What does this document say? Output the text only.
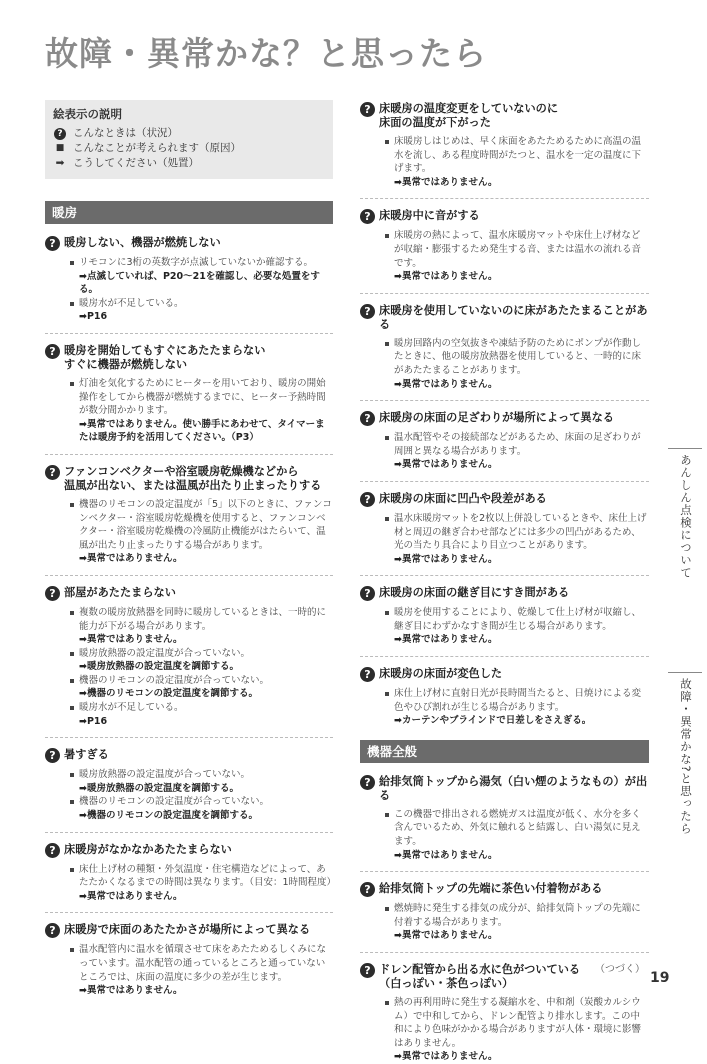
故障・異常かな？と思ったら
絵表示の説明
? こんなときは（状況）
■ こんなことが考えられます（原因）
➡ こうしてください（処置）
暖房
? 暖房しない、機器が燃焼しない
リモコンに3桁の英数字が点滅していないか確認する。
➡点滅していれば、P20〜21を確認し、必要な処置をする。
暖房水が不足している。
➡P16
? 暖房を開始してもすぐにあたたまらない
すぐに機器が燃焼しない
灯油を気化するためにヒーターを用いており、暖房の開始操作をしてから機器が燃焼するまでに、ヒーター予熱時間が数分間かかります。
➡異常ではありません。使い勝手にあわせて、タイマーまたは暖房予約を活用してください。（P3）
? ファンコンベクターや浴室暖房乾燥機などから
温風が出ない、または温風が出たり止まったりする
機器のリモコンの設定温度が「5」以下のときに、ファンコンベクター・浴室暖房乾燥機を使用すると、ファンコンベクター・浴室暖房乾燥機の冷風防止機能がはたらいて、温風が出たり止まったりする場合があります。
➡異常ではありません。
? 部屋があたたまらない
複数の暖房放熱器を同時に暖房しているときは、一時的に能力が下がる場合があります。
➡異常ではありません。
暖房放熱器の設定温度が合っていない。
➡暖房放熱器の設定温度を調節する。
機器のリモコンの設定温度が合っていない。
➡機器のリモコンの設定温度を調節する。
暖房水が不足している。
➡P16
? 暑すぎる
暖房放熱器の設定温度が合っていない。
➡暖房放熱器の設定温度を調節する。
機器のリモコンの設定温度が合っていない。
➡機器のリモコンの設定温度を調節する。
? 床暖房がなかなかあたたまらない
床仕上げ材の種類・外気温度・住宅構造などによって、あたたかくなるまでの時間は異なります。（目安：1時間程度）
➡異常ではありません。
? 床暖房で床面のあたたかさが場所によって異なる
温水配管内に温水を循環させて床をあたためるしくみになっています。温水配管の通っているところと通っていないところでは、床面の温度に多少の差が生じます。
➡異常ではありません。
? 床暖房の温度変更をしていないのに
床面の温度が下がった
床暖房しはじめは、早く床面をあたためるために高温の温水を流し、ある程度時間がたつと、温水を一定の温度に下げます。
➡異常ではありません。
? 床暖房中に音がする
床暖房の熱によって、温水床暖房マットや床仕上げ材などが収縮・膨張するため発生する音、または温水の流れる音です。
➡異常ではありません。
? 床暖房を使用していないのに床があたたまることがある
暖房回路内の空気抜きや凍結予防のためにポンプが作動したときに、他の暖房放熱器を使用していると、一時的に床があたたまることがあります。
➡異常ではありません。
? 床暖房の床面の足ざわりが場所によって異なる
温水配管やその接続部などがあるため、床面の足ざわりが周囲と異なる場合があります。
➡異常ではありません。
? 床暖房の床面に凹凸や段差がある
温水床暖房マットを2枚以上併設しているときや、床仕上げ材と周辺の継ぎ合わせ部などには多少の凹凸があるため、光の当たり具合により目立つことがあります。
➡異常ではありません。
? 床暖房の床面の継ぎ目にすき間がある
暖房を使用することにより、乾燥して仕上げ材が収縮し、継ぎ目にわずかなすき間が生じる場合があります。
➡異常ではありません。
? 床暖房の床面が変色した
床仕上げ材に直射日光が長時間当たると、日焼けによる変色やひび割れが生じる場合があります。
➡カーテンやブラインドで日差しをさえぎる。
機器全般
? 給排気筒トップから湯気（白い煙のようなもの）が出る
この機器で排出される燃焼ガスは温度が低く、水分を多く含んでいるため、外気に触れると結露し、白い湯気に見えます。
➡異常ではありません。
? 給排気筒トップの先端に茶色い付着物がある
燃焼時に発生する排気の成分が、給排気筒トップの先端に付着する場合があります。
➡異常ではありません。
? ドレン配管から出る水に色がついている
（白っぽい・茶色っぽい）
熱の再利用時に発生する凝縮水を、中和剤（炭酸カルシウム）で中和してから、ドレン配管より排水します。この中和により色味がかかる場合がありますが人体・環境に影響はありません。
➡異常ではありません。
あんしん点検について
故障・異常かな?と思ったら
（つづく）
19
